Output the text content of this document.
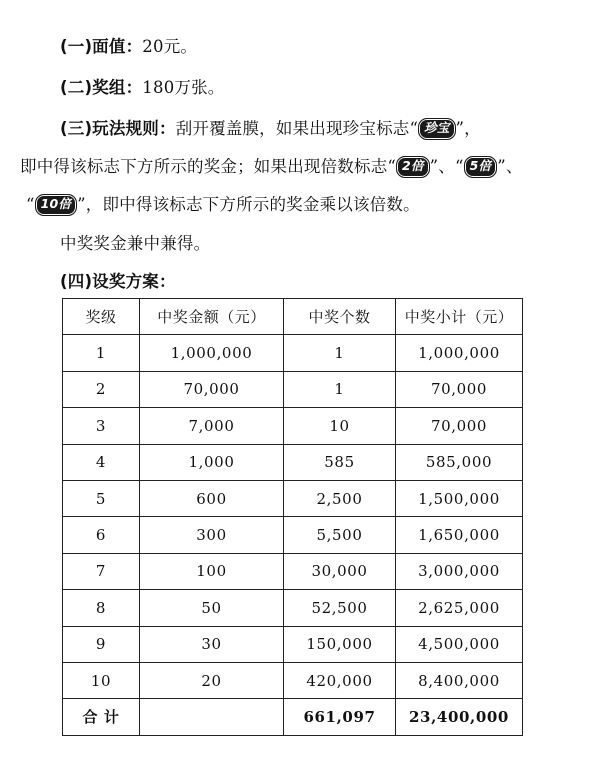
(一)面值：20元。
(二)奖组：180万张。
(三)玩法规则：刮开覆盖膜，如果出现珍宝标志“ 珍宝 ”，
即中得该标志下方所示的奖金；如果出现倍数标志“ 2倍 ”、“ 5倍 ”、
“ 10倍 ”，即中得该标志下方所示的奖金乘以该倍数。
中奖奖金兼中兼得。
(四)设奖方案：
奖级	中奖金额（元）	中奖个数	中奖小计（元）
1	1,000,000	1	1,000,000
2	70,000	1	70,000
3	7,000	10	70,000
4	1,000	585	585,000
5	600	2,500	1,500,000
6	300	5,500	1,650,000
7	100	30,000	3,000,000
8	50	52,500	2,625,000
9	30	150,000	4,500,000
10	20	420,000	8,400,000
合 计		661,097	23,400,000
